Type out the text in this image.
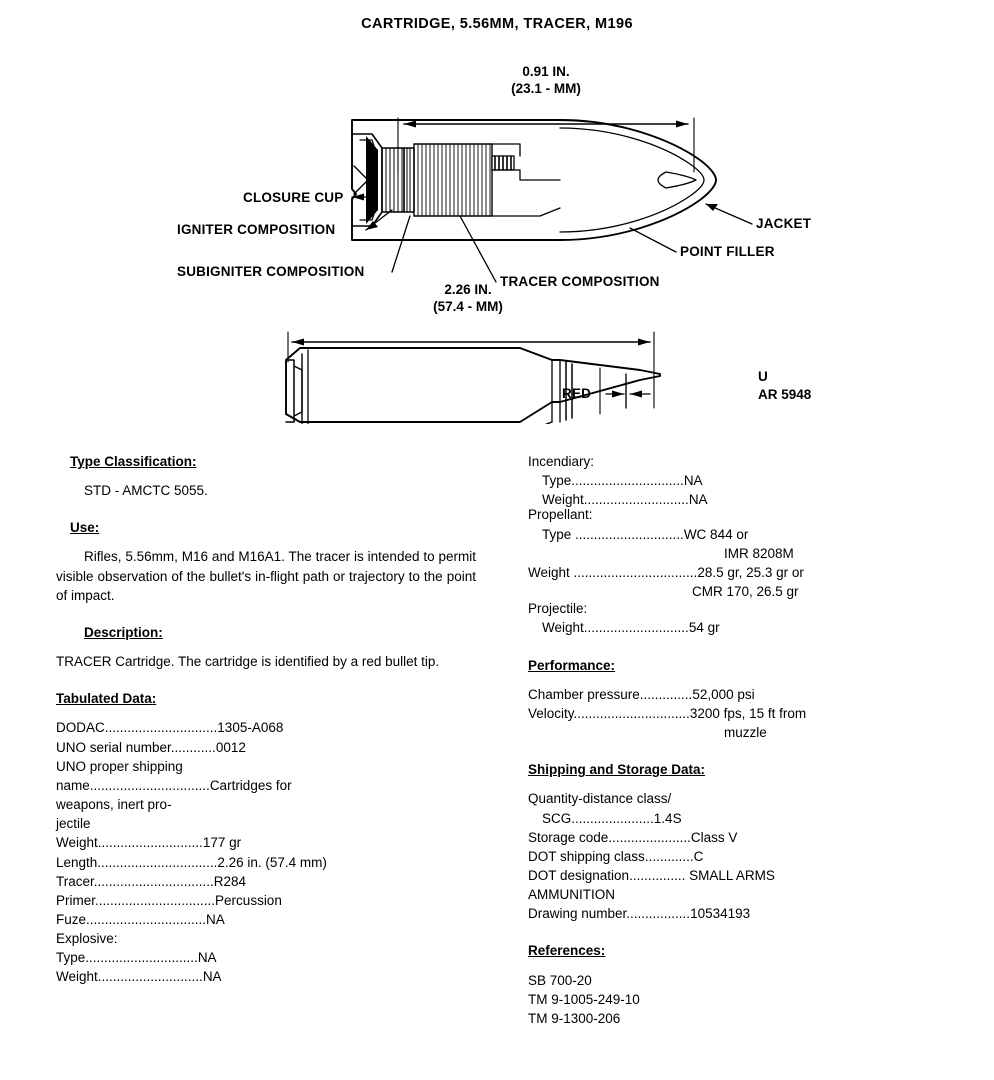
CARTRIDGE, 5.56MM, TRACER, M196
0.91 IN.
(23.1 - MM)
2.26 IN.
(57.4 - MM)
CLOSURE CUP
IGNITER COMPOSITION
SUBIGNITER COMPOSITION
TRACER COMPOSITION
JACKET
POINT FILLER
RED
U
AR 5948
Type Classification:

STD - AMCTC 5055.

Use:

Rifles, 5.56mm, M16 and M16A1. The tracer is intended to permit visible observation of the bullet's in-flight path or trajectory to the point of impact.

Description:

TRACER Cartridge. The cartridge is identified by a red bullet tip.

Tabulated Data:

DODAC..............................1305-A068

UNO serial number............0012

UNO proper shipping

name................................Cartridges for

weapons, inert pro-

jectile

Weight............................177 gr

Length................................2.26 in. (57.4 mm)

Tracer................................R284

Primer................................Percussion

Fuze................................NA

Explosive:

Type..............................NA

Weight............................NA

Incendiary:

Type..............................NA

Weight............................NA

Propellant:

Type .............................WC 844 or

IMR 8208M

Weight .................................28.5 gr, 25.3 gr or

CMR 170, 26.5 gr

Projectile:

Weight............................54 gr

Performance:

Chamber pressure..............52,000 psi

Velocity...............................3200 fps, 15 ft from

muzzle

Shipping and Storage Data:

Quantity-distance class/

SCG......................1.4S

Storage code......................Class V

DOT shipping class.............C

DOT designation............... SMALL ARMS

AMMUNITION

Drawing number.................10534193

References:

SB 700-20

TM 9-1005-249-10

TM 9-1300-206
